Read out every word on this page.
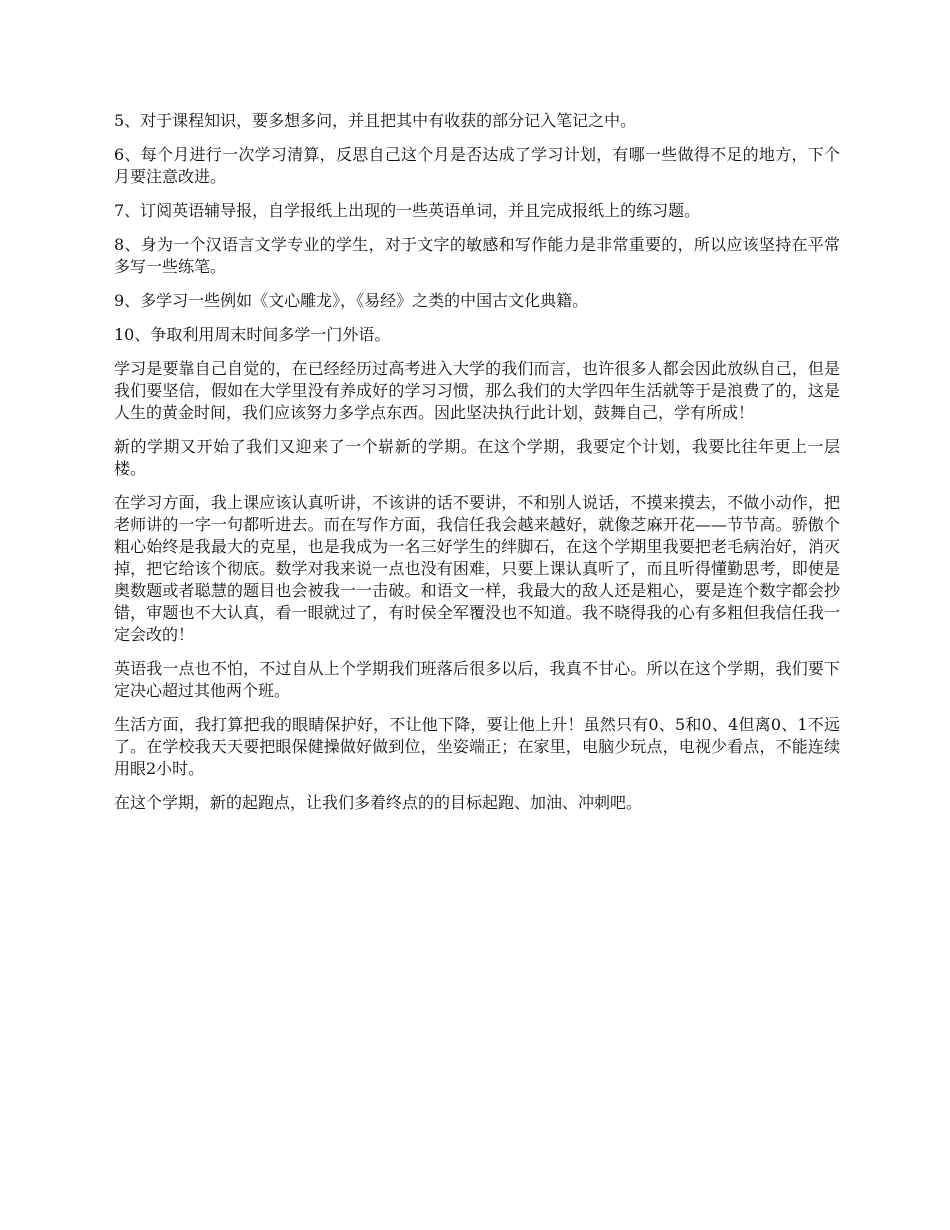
5、对于课程知识，要多想多问，并且把其中有收获的部分记入笔记之中。

6、每个月进行一次学习清算，反思自己这个月是否达成了学习计划，有哪一些做得不足的地方，下个月要注意改进。

7、订阅英语辅导报，自学报纸上出现的一些英语单词，并且完成报纸上的练习题。

8、身为一个汉语言文学专业的学生，对于文字的敏感和写作能力是非常重要的，所以应该坚持在平常多写一些练笔。

9、多学习一些例如《文心雕龙》，《易经》之类的中国古文化典籍。

10、争取利用周末时间多学一门外语。

学习是要靠自己自觉的，在已经经历过高考进入大学的我们而言，也许很多人都会因此放纵自己，但是我们要坚信，假如在大学里没有养成好的学习习惯，那么我们的大学四年生活就等于是浪费了的，这是人生的黄金时间，我们应该努力多学点东西。因此坚决执行此计划，鼓舞自己，学有所成！

新的学期又开始了我们又迎来了一个崭新的学期。在这个学期，我要定个计划，我要比往年更上一层楼。

在学习方面，我上课应该认真听讲，不该讲的话不要讲，不和别人说话，不摸来摸去，不做小动作，把老师讲的一字一句都听进去。而在写作方面，我信任我会越来越好，就像芝麻开花——节节高。骄傲个粗心始终是我最大的克星，也是我成为一名三好学生的绊脚石，在这个学期里我要把老毛病治好，消灭掉，把它给该个彻底。数学对我来说一点也没有困难，只要上课认真听了，而且听得懂勤思考，即使是奥数题或者聪慧的题目也会被我一一击破。和语文一样，我最大的敌人还是粗心，要是连个数字都会抄错，审题也不大认真，看一眼就过了，有时侯全军覆没也不知道。我不晓得我的心有多粗但我信任我一定会改的！

英语我一点也不怕，不过自从上个学期我们班落后很多以后，我真不甘心。所以在这个学期，我们要下定决心超过其他两个班。

生活方面，我打算把我的眼睛保护好，不让他下降，要让他上升！虽然只有0、5和0、4但离0、1不远了。在学校我天天要把眼保健操做好做到位，坐姿端正；在家里，电脑少玩点，电视少看点，不能连续用眼2小时。

在这个学期，新的起跑点，让我们多着终点的的目标起跑、加油、冲刺吧。
